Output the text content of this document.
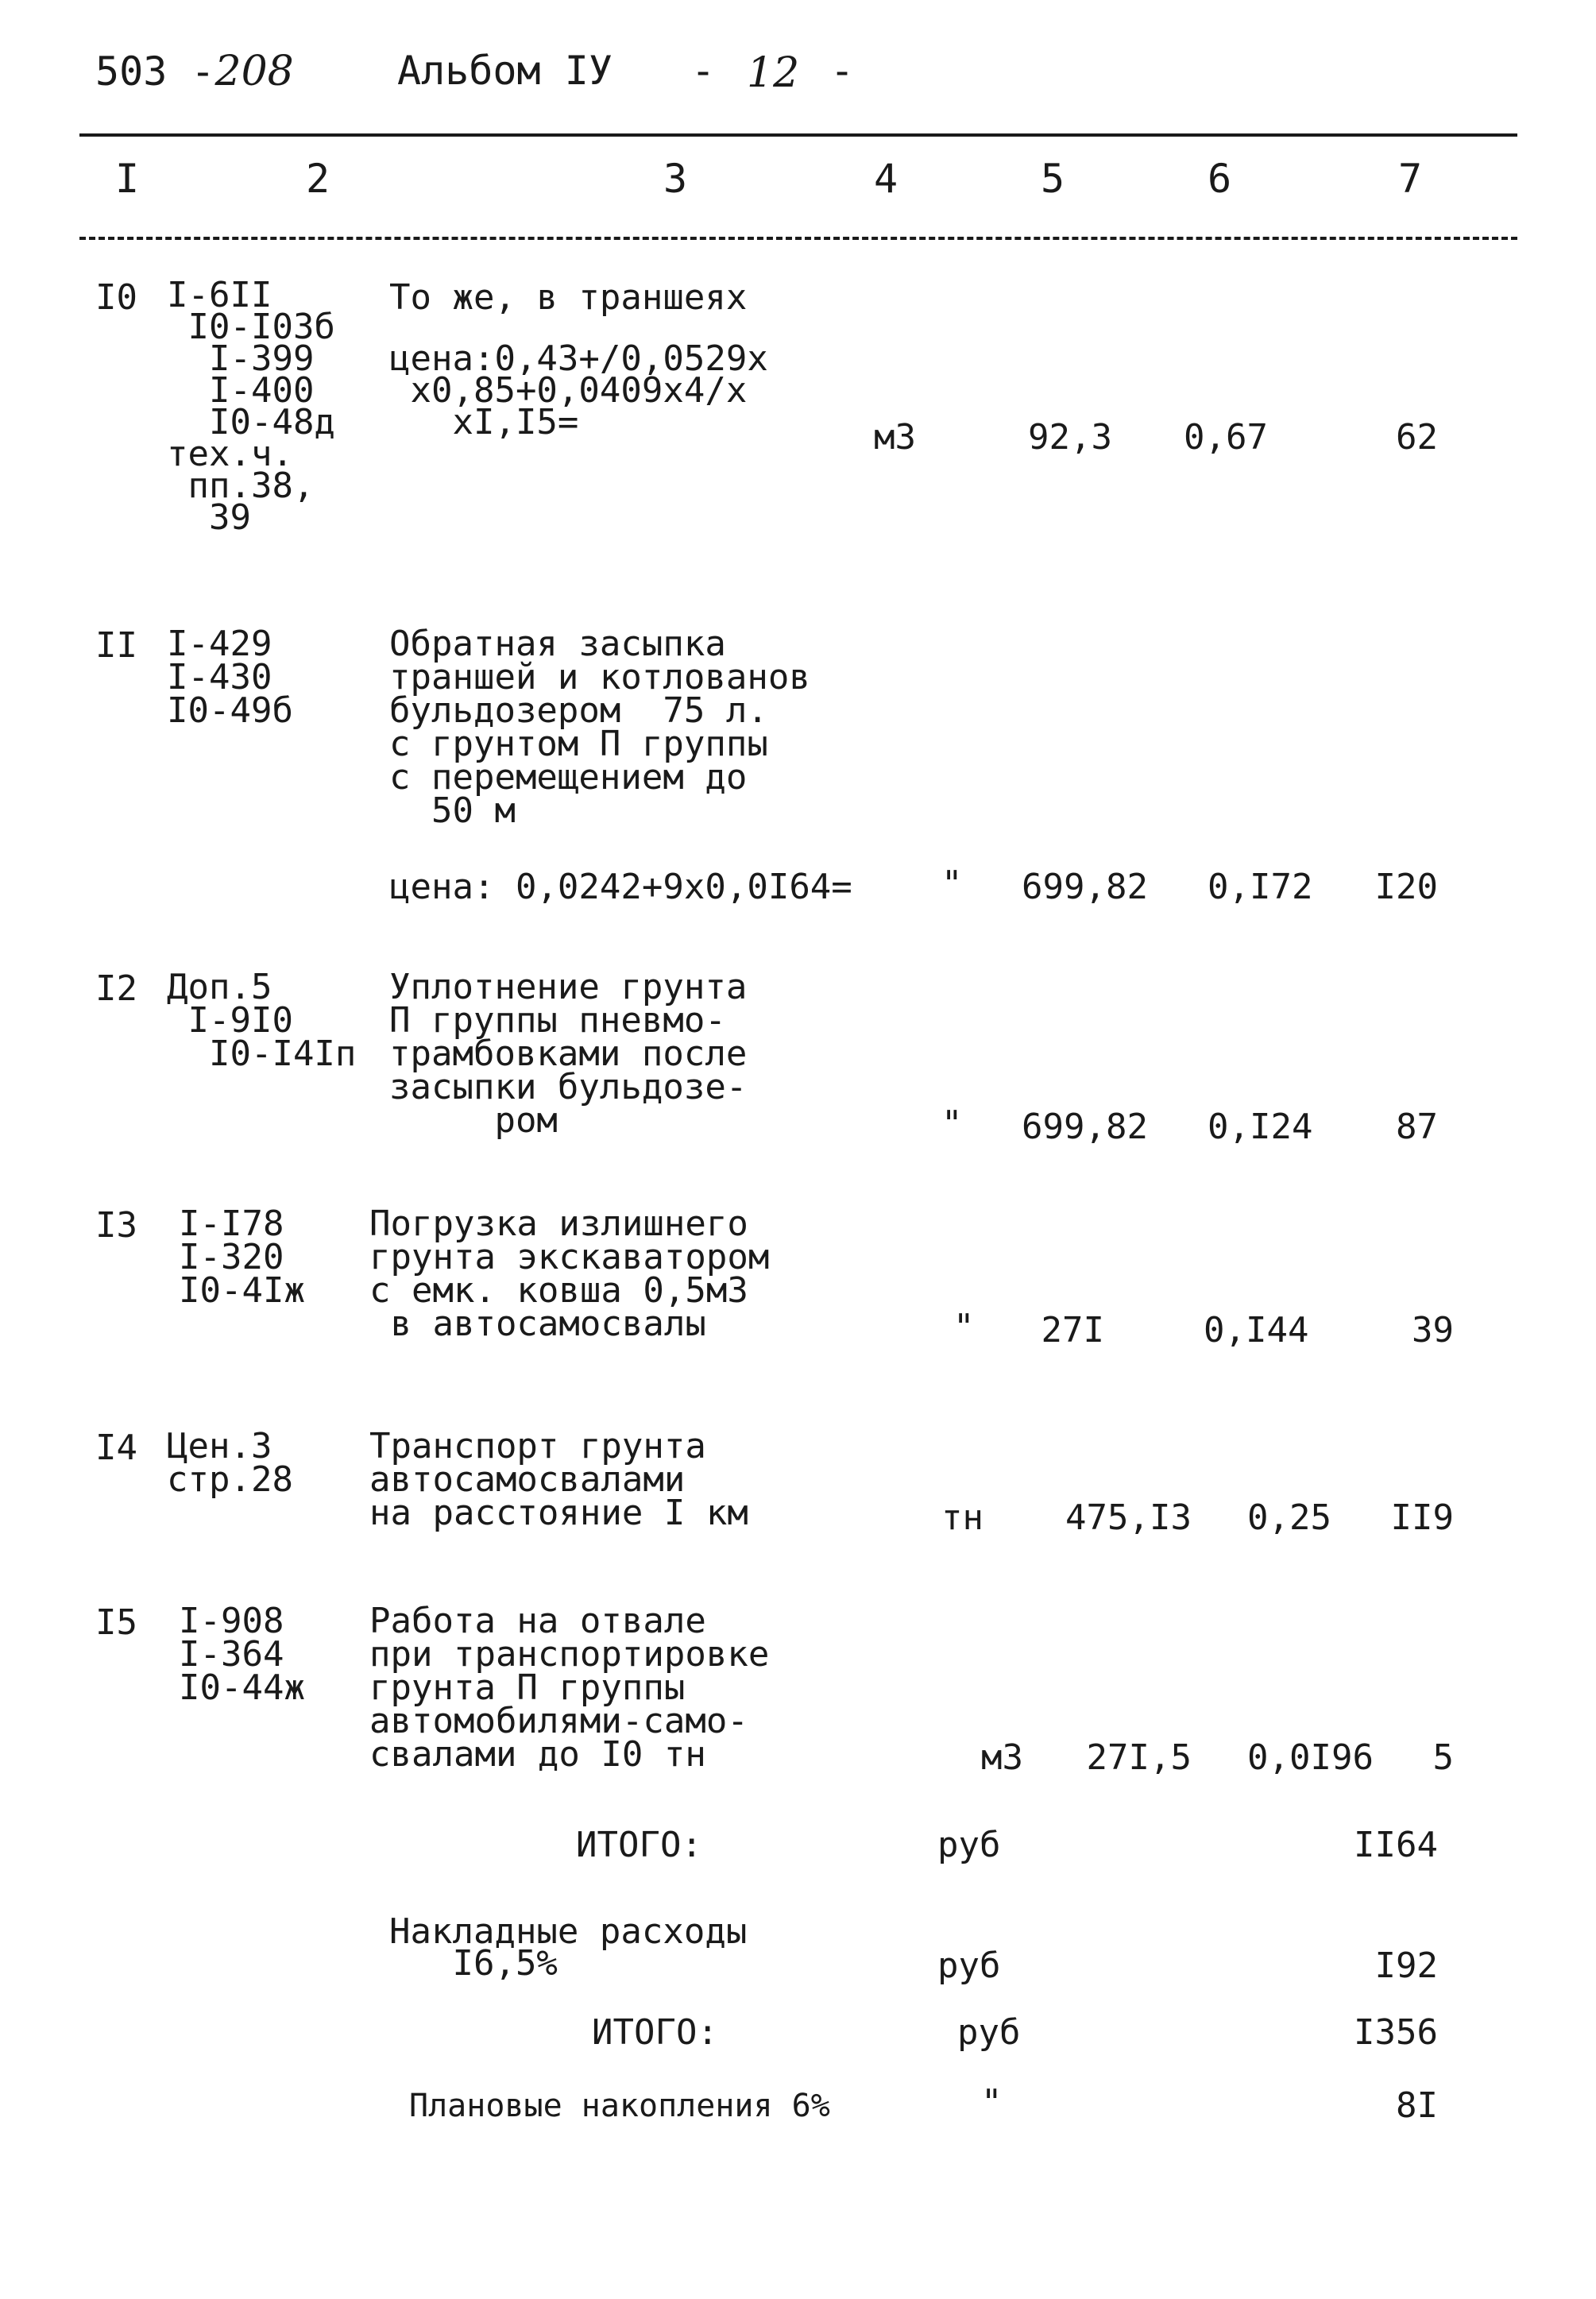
503 -208	Альбом IУ - 12 -
I	2	3	4	5	6	7
I0 I-6II
I0-I03б
I-399
I-400
I0-48д
тех.ч.
пп.38,
39
То же, в траншеях
цена:0,43+/0,0529x
x0,85+0,0409x4/x
xI,I5=	м3	92,3 0,67	62
II I-429
I-430
I0-49б
Обратная засыпка
траншей и котлованов
бульдозером  75 л.
с грунтом П группы
с перемещением до
50 м
цена: 0,0242+9x0,0I64=	"	699,82 0,I72	I20
I2 Доп.5
I-9I0
I0-I4Iп
Уплотнение грунта
П группы пневмо-
трамбовками после
засыпки бульдозе-
ром	"	699,82 0,I24	87
I3 I-I78
I-320
I0-4Iж
Погрузка излишнего
грунта экскаватором
с емк. ковша 0,5м3
в автосамосвалы	"	27I	0,I44	39
I4 Цен.3
стр.28
Транспорт грунта
автосамосвалами
на расстояние I км	тн	475,I3 0,25	II9
I5 I-908
I-364
I0-44ж
Работа на отвале
при транспортировке
грунта П группы
автомобилями-само-
свалами до I0 тн	м3	27I,5 0,0I96	5
ИТОГО:	руб	II64
Накладные расходы
I6,5%	руб	I92
ИТОГО:	руб	I356
Плановые накопления 6%	"	8I
